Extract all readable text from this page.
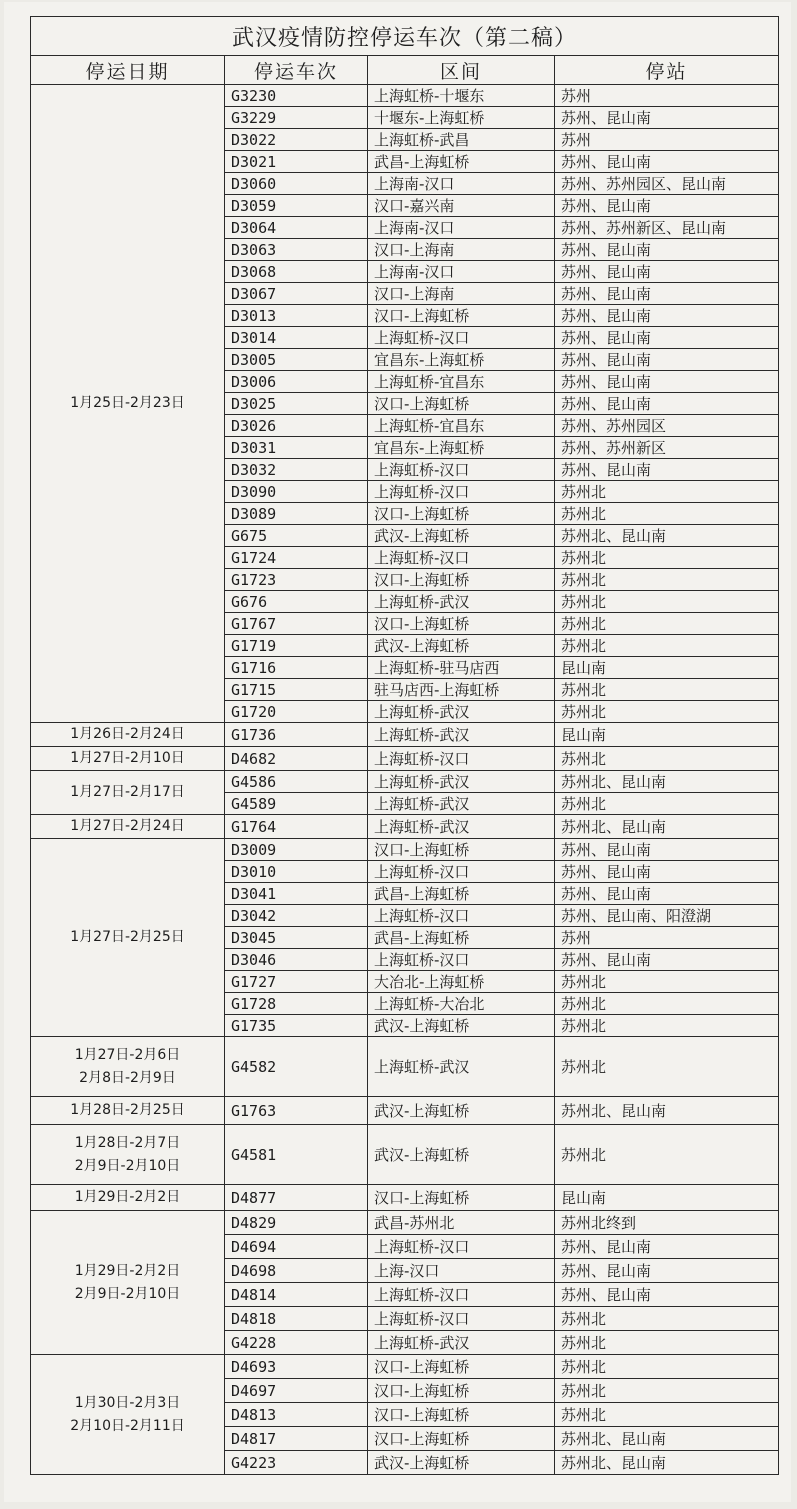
武汉疫情防控停运车次（第二稿）			
停运日期	停运车次	区间	停站

1月25日-2月23日	G3230	上海虹桥-十堰东	苏州
	G3229	十堰东-上海虹桥	苏州、昆山南
	D3022	上海虹桥-武昌	苏州
	D3021	武昌-上海虹桥	苏州、昆山南
	D3060	上海南-汉口	苏州、苏州园区、昆山南
	D3059	汉口-嘉兴南	苏州、昆山南
	D3064	上海南-汉口	苏州、苏州新区、昆山南
	D3063	汉口-上海南	苏州、昆山南
	D3068	上海南-汉口	苏州、昆山南
	D3067	汉口-上海南	苏州、昆山南
	D3013	汉口-上海虹桥	苏州、昆山南
	D3014	上海虹桥-汉口	苏州、昆山南
	D3005	宜昌东-上海虹桥	苏州、昆山南
	D3006	上海虹桥-宜昌东	苏州、昆山南
	D3025	汉口-上海虹桥	苏州、昆山南
	D3026	上海虹桥-宜昌东	苏州、苏州园区
	D3031	宜昌东-上海虹桥	苏州、苏州新区
	D3032	上海虹桥-汉口	苏州、昆山南
	D3090	上海虹桥-汉口	苏州北
	D3089	汉口-上海虹桥	苏州北
	G675	武汉-上海虹桥	苏州北、昆山南
	G1724	上海虹桥-汉口	苏州北
	G1723	汉口-上海虹桥	苏州北
	G676	上海虹桥-武汉	苏州北
	G1767	汉口-上海虹桥	苏州北
	G1719	武汉-上海虹桥	苏州北
	G1716	上海虹桥-驻马店西	昆山南
	G1715	驻马店西-上海虹桥	苏州北
	G1720	上海虹桥-武汉	苏州北

1月26日-2月24日	G1736	上海虹桥-武汉	昆山南

1月27日-2月10日	D4682	上海虹桥-汉口	苏州北

1月27日-2月17日	G4586	上海虹桥-武汉	苏州北、昆山南
	G4589	上海虹桥-武汉	苏州北

1月27日-2月24日	G1764	上海虹桥-武汉	苏州北、昆山南

1月27日-2月25日	D3009	汉口-上海虹桥	苏州、昆山南
	D3010	上海虹桥-汉口	苏州、昆山南
	D3041	武昌-上海虹桥	苏州、昆山南
	D3042	上海虹桥-汉口	苏州、昆山南、阳澄湖
	D3045	武昌-上海虹桥	苏州
	D3046	上海虹桥-汉口	苏州、昆山南
	G1727	大冶北-上海虹桥	苏州北
	G1728	上海虹桥-大冶北	苏州北
	G1735	武汉-上海虹桥	苏州北

1月27日-2月6日
2月8日-2月9日	G4582	上海虹桥-武汉	苏州北

1月28日-2月25日	G1763	武汉-上海虹桥	苏州北、昆山南

1月28日-2月7日
2月9日-2月10日	G4581	武汉-上海虹桥	苏州北

1月29日-2月2日	D4877	汉口-上海虹桥	昆山南

1月29日-2月2日
2月9日-2月10日	D4829	武昌-苏州北	苏州北终到
	D4694	上海虹桥-汉口	苏州、昆山南
	D4698	上海-汉口	苏州、昆山南
	D4814	上海虹桥-汉口	苏州、昆山南
	D4818	上海虹桥-汉口	苏州北
	G4228	上海虹桥-武汉	苏州北

1月30日-2月3日
2月10日-2月11日	D4693	汉口-上海虹桥	苏州北
	D4697	汉口-上海虹桥	苏州北
	D4813	汉口-上海虹桥	苏州北
	D4817	汉口-上海虹桥	苏州北、昆山南
	G4223	武汉-上海虹桥	苏州北、昆山南
